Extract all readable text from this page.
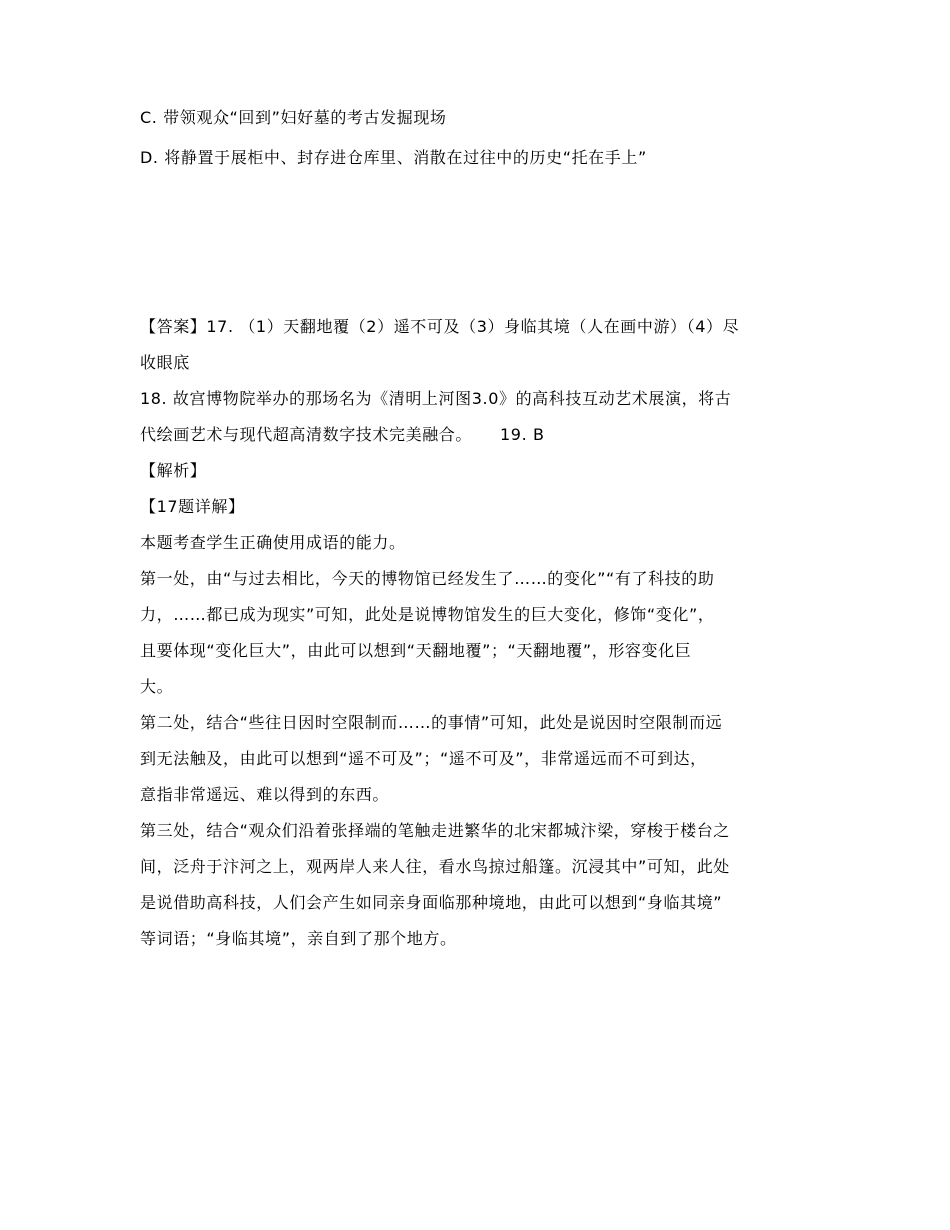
C. 带领观众“回到”妇好墓的考古发掘现场
D. 将静置于展柜中、封存进仓库里、消散在过往中的历史“托在手上”
【答案】17. （1）天翻地覆（2）遥不可及（3）身临其境（人在画中游）（4）尽
收眼底
18. 故宫博物院举办的那场名为《清明上河图3.0》的高科技互动艺术展演，将古
代绘画艺术与现代超高清数字技术完美融合。 19. B
【解析】
【17题详解】
本题考查学生正确使用成语的能力。
第一处，由“与过去相比，今天的博物馆已经发生了……的变化”“有了科技的助
力，……都已成为现实”可知，此处是说博物馆发生的巨大变化，修饰“变化”，
且要体现“变化巨大”，由此可以想到“天翻地覆”；“天翻地覆”，形容变化巨
大。
第二处，结合“些往日因时空限制而……的事情”可知，此处是说因时空限制而远
到无法触及，由此可以想到“遥不可及”；“遥不可及”，非常遥远而不可到达，
意指非常遥远、难以得到的东西。
第三处，结合“观众们沿着张择端的笔触走进繁华的北宋都城汴梁，穿梭于楼台之
间，泛舟于汴河之上，观两岸人来人往，看水鸟掠过船篷。沉浸其中”可知，此处
是说借助高科技，人们会产生如同亲身面临那种境地，由此可以想到“身临其境”
等词语；“身临其境”，亲自到了那个地方。
